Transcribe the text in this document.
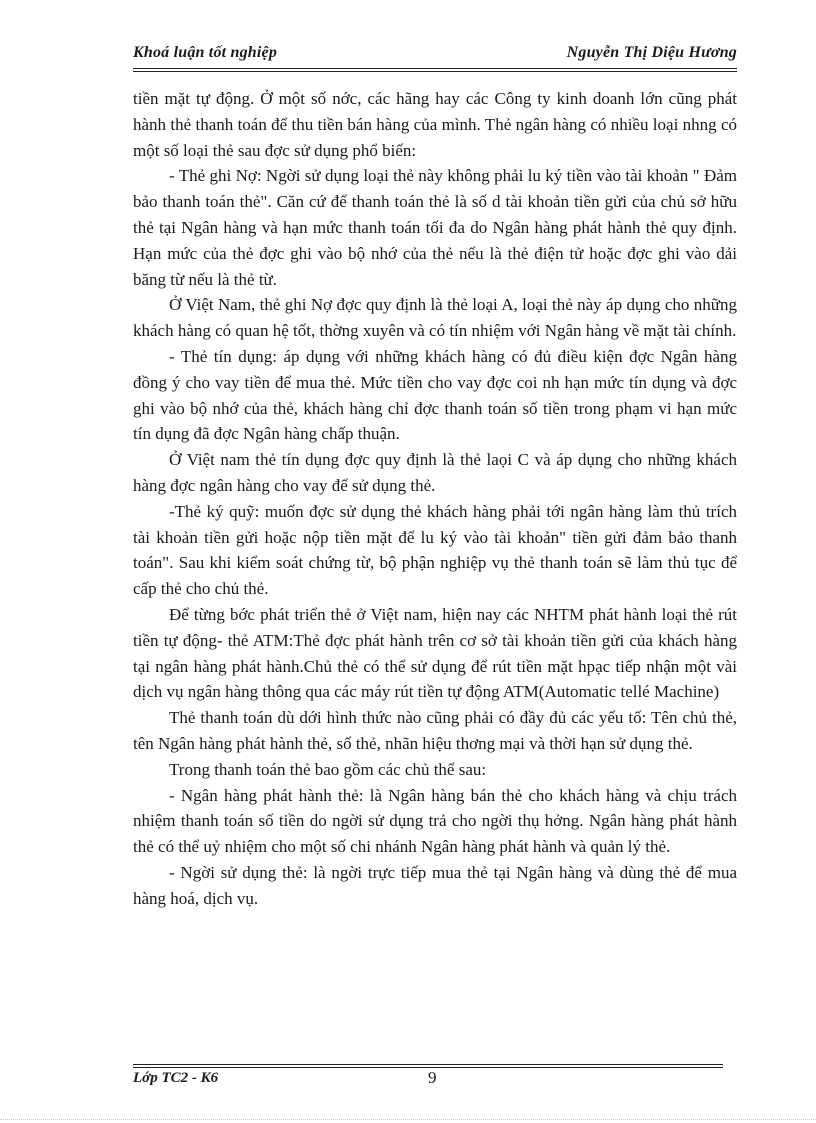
Khoá luận tốt nghiệp	Nguyễn Thị Diệu Hương

tiền mặt tự động. Ở một số nớc, các hãng hay các Công ty kinh doanh lớn cũng phát hành thẻ thanh toán để thu tiền bán hàng của mình. Thẻ ngân hàng có nhiều loại nhng có một số loại thẻ sau đợc sử dụng phổ biến:

- Thẻ ghi Nợ: Ngời sử dụng loại thẻ này không phải lu ký tiền vào tài khoản " Đảm bảo thanh toán thẻ". Căn cứ để thanh toán thẻ là số d tài khoản tiền gửi của chủ sở hữu thẻ tại Ngân hàng và hạn mức thanh toán tối đa do Ngân hàng phát hành thẻ quy định. Hạn mức của thẻ đợc ghi vào bộ nhớ của thẻ nếu là thẻ điện tử hoặc đợc ghi vào dải băng từ nếu là thẻ từ.

Ở Việt Nam, thẻ ghi Nợ đợc quy định là thẻ loại A, loại thẻ này áp dụng cho những khách hàng có quan hệ tốt, thờng xuyên và có tín nhiệm với Ngân hàng về mặt tài chính.

- Thẻ tín dụng: áp dụng với những khách hàng có đủ điều kiện đợc Ngân hàng đồng ý cho vay tiền để mua thẻ. Mức tiền cho vay đợc coi nh hạn mức tín dụng và đợc ghi vào bộ nhớ của thẻ, khách hàng chỉ đợc thanh toán số tiền trong phạm vi hạn mức tín dụng đã đợc Ngân hàng chấp thuận.

Ở Việt nam thẻ tín dụng đợc quy định là thẻ laọi C và áp dụng cho những khách hàng đợc ngân hàng cho vay để sử dụng thẻ.

-Thẻ ký quỹ: muốn đợc sử dụng thẻ khách hàng phải tới ngân hàng làm thủ trích tài khoản tiền gửi hoặc nộp tiền mặt để lu ký vào tài khoản" tiền gửi đảm bảo thanh toán". Sau khi kiểm soát chứng từ, bộ phận nghiệp vụ thẻ thanh toán sẽ làm thủ tục để cấp thẻ cho chủ thẻ.

Để từng bớc phát triển thẻ ở Việt nam, hiện nay các NHTM phát hành loại thẻ rút tiền tự động- thẻ ATM:Thẻ đợc phát hành trên cơ sở tài khoản tiền gửi của khách hàng tại ngân hàng phát hành.Chủ thẻ có thể sử dụng để rút tiền mặt hpạc tiếp nhận một vài dịch vụ ngân hàng thông qua các máy rút tiền tự động ATM(Automatic tellé Machine)

Thẻ thanh toán dù dới hình thức nào cũng phải có đầy đủ các yếu tố: Tên chủ thẻ, tên Ngân hàng phát hành thẻ, số thẻ, nhãn hiệu thơng mại và thời hạn sử dụng thẻ.

Trong thanh toán thẻ bao gồm các chủ thể sau:

- Ngân hàng phát hành thẻ: là Ngân hàng bán thẻ cho khách hàng và chịu trách nhiệm thanh toán số tiền do ngời sử dụng trả cho ngời thụ hởng. Ngân hàng phát hành thẻ có thể uỷ nhiệm cho một số chi nhánh Ngân hàng phát hành và quản lý thẻ.

- Ngời sử dụng thẻ: là ngời trực tiếp mua thẻ tại Ngân hàng và dùng thẻ để mua hàng hoá, dịch vụ.

Lớp TC2 - K6	9
